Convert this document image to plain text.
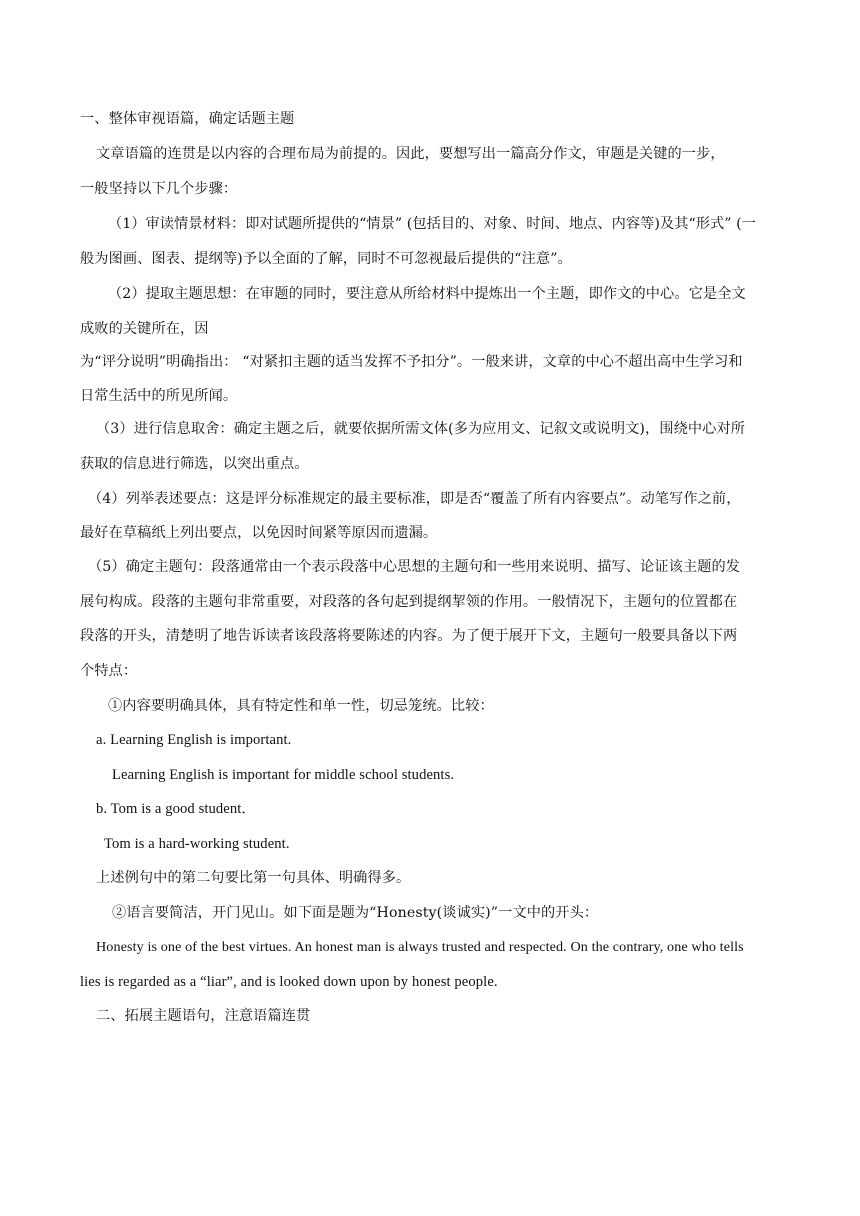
一、整体审视语篇，确定话题主题
文章语篇的连贯是以内容的合理布局为前提的。因此，要想写出一篇高分作文，审题是关键的一步，
一般坚持以下几个步骤：
（1）审读情景材料：即对试题所提供的“情景” (包括目的、对象、时间、地点、内容等)及其“形式” (一
般为图画、图表、提纲等)予以全面的了解，同时不可忽视最后提供的“注意”。
（2）提取主题思想：在审题的同时，要注意从所给材料中提炼出一个主题，即作文的中心。它是全文
成败的关键所在，因
为“评分说明”明确指出： “对紧扣主题的适当发挥不予扣分”。一般来讲，文章的中心不超出高中生学习和
日常生活中的所见所闻。
（3）进行信息取舍：确定主题之后，就要依据所需文体(多为应用文、记叙文或说明文)，围绕中心对所
获取的信息进行筛选，以突出重点。
（4）列举表述要点：这是评分标准规定的最主要标准，即是否“覆盖了所有内容要点”。动笔写作之前，
最好在草稿纸上列出要点，以免因时间紧等原因而遗漏。
（5）确定主题句：段落通常由一个表示段落中心思想的主题句和一些用来说明、描写、论证该主题的发
展句构成。段落的主题句非常重要，对段落的各句起到提纲挈领的作用。一般情况下，主题句的位置都在
段落的开头，清楚明了地告诉读者该段落将要陈述的内容。为了便于展开下文，主题句一般要具备以下两
个特点：
①内容要明确具体，具有特定性和单一性，切忌笼统。比较：
a. Learning English is important.
Learning English is important for middle school students.
b. Tom is a good student．
Tom is a hard-working student.
上述例句中的第二句要比第一句具体、明确得多。
②语言要简洁，开门见山。如下面是题为“Honesty(谈诚实)”一文中的开头：
Honesty is one of the best virtues. An honest man is always trusted and respected. On the contrary, one who tells
lies is regarded as a “liar”, and is looked down upon by honest people.
二、拓展主题语句，注意语篇连贯
